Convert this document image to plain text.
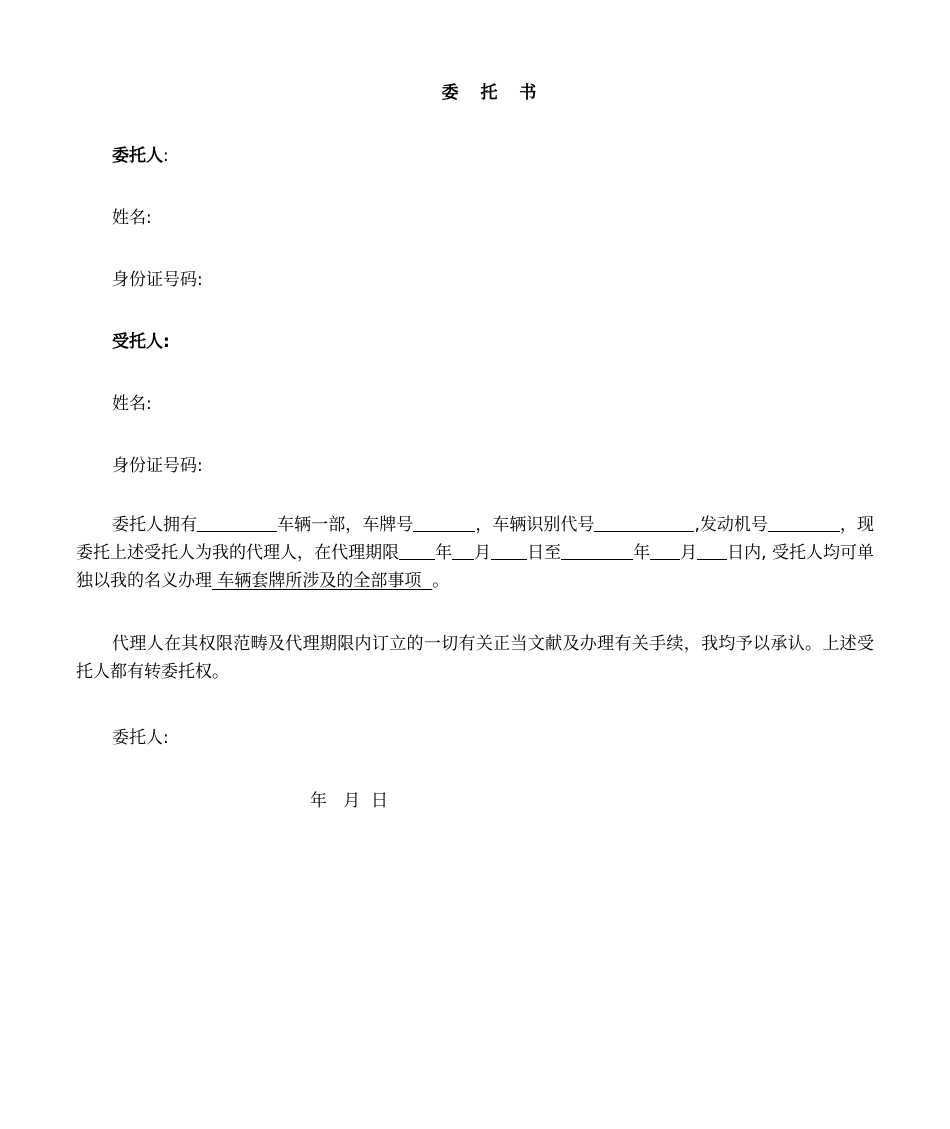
委 托 书
委托人:
姓名:
身份证号码:
受托人:
姓名:
身份证号码:
委托人拥有	车辆一部，车牌号	，车辆识别代号	,发动机号	，现委托上述受托人为我的代理人，在代理期限 年 月 日至	年 月 日内, 受托人均可单独以我的名义办理 车辆套牌所涉及的全部事项  。
代理人在其权限范畴及代理期限内订立的一切有关正当文献及办理有关手续，我均予以承认。上述受托人都有转委托权。
委托人:
年   月  日
